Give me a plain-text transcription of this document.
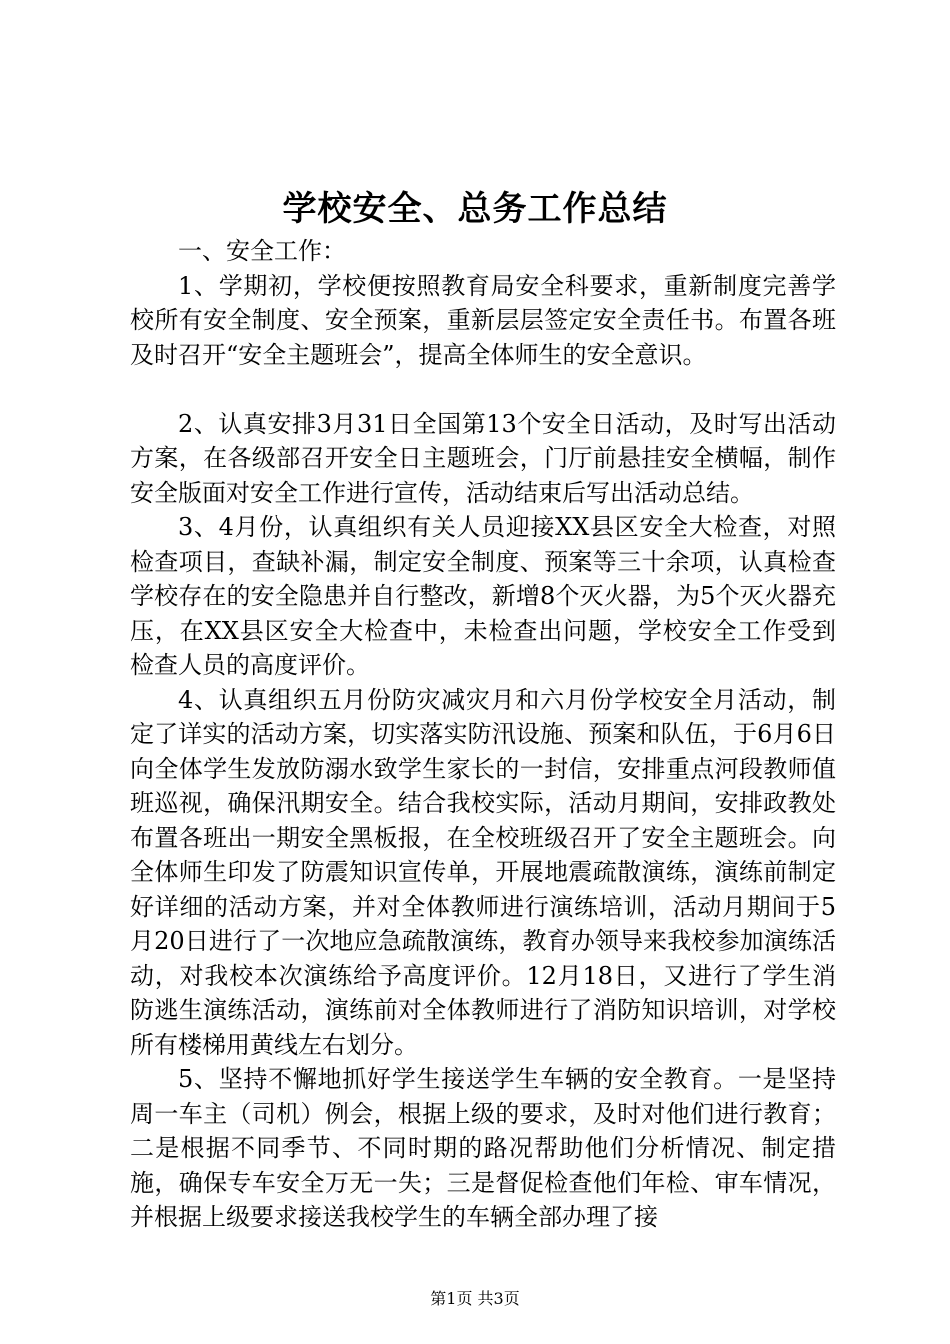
学校安全、总务工作总结

一、安全工作：

1、学期初，学校便按照教育局安全科要求，重新制度完善学校所有安全制度、安全预案，重新层层签定安全责任书。布置各班及时召开“安全主题班会”，提高全体师生的安全意识。

2、认真安排3月31日全国第13个安全日活动，及时写出活动方案，在各级部召开安全日主题班会，门厅前悬挂安全横幅，制作安全版面对安全工作进行宣传，活动结束后写出活动总结。

3、4月份，认真组织有关人员迎接XX县区安全大检查，对照检查项目，查缺补漏，制定安全制度、预案等三十余项，认真检查学校存在的安全隐患并自行整改，新增8个灭火器，为5个灭火器充压，在XX县区安全大检查中，未检查出问题，学校安全工作受到检查人员的高度评价。

4、认真组织五月份防灾减灾月和六月份学校安全月活动，制定了详实的活动方案，切实落实防汛设施、预案和队伍，于6月6日向全体学生发放防溺水致学生家长的一封信，安排重点河段教师值班巡视，确保汛期安全。结合我校实际，活动月期间，安排政教处布置各班出一期安全黑板报，在全校班级召开了安全主题班会。向全体师生印发了防震知识宣传单，开展地震疏散演练，演练前制定好详细的活动方案，并对全体教师进行演练培训，活动月期间于5月20日进行了一次地应急疏散演练，教育办领导来我校参加演练活动，对我校本次演练给予高度评价。12月18日，又进行了学生消防逃生演练活动，演练前对全体教师进行了消防知识培训，对学校所有楼梯用黄线左右划分。

5、坚持不懈地抓好学生接送学生车辆的安全教育。一是坚持周一车主（司机）例会，根据上级的要求，及时对他们进行教育；二是根据不同季节、不同时期的路况帮助他们分析情况、制定措施，确保专车安全万无一失；三是督促检查他们年检、审车情况，并根据上级要求接送我校学生的车辆全部办理了接

第1页 共3页
